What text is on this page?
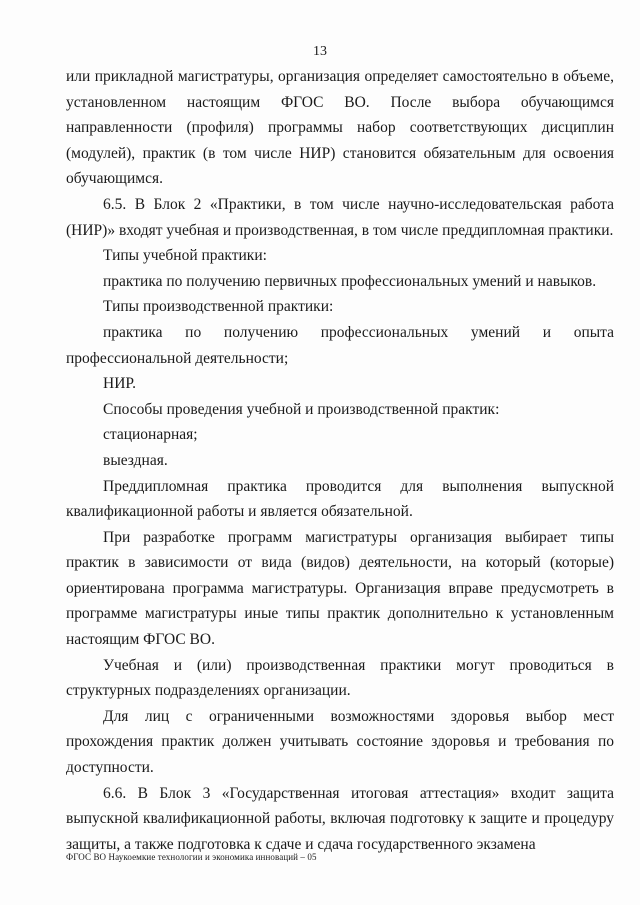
13

или прикладной магистратуры, организация определяет самостоятельно в объеме, установленном настоящим ФГОС ВО. После выбора обучающимся направленности (профиля) программы набор соответствующих дисциплин (модулей), практик (в том числе НИР) становится обязательным для освоения обучающимся.

6.5. В Блок 2 «Практики, в том числе научно-исследовательская работа (НИР)» входят учебная и производственная, в том числе преддипломная практики.

Типы учебной практики:

практика по получению первичных профессиональных умений и навыков.

Типы производственной практики:

практика по получению профессиональных умений и опыта профессиональной деятельности;

НИР.

Способы проведения учебной и производственной практик:

стационарная;

выездная.

Преддипломная практика проводится для выполнения выпускной квалификационной работы и является обязательной.

При разработке программ магистратуры организация выбирает типы практик в зависимости от вида (видов) деятельности, на который (которые) ориентирована программа магистратуры. Организация вправе предусмотреть в программе магистратуры иные типы практик дополнительно к установленным настоящим ФГОС ВО.

Учебная и (или) производственная практики могут проводиться в структурных подразделениях организации.

Для лиц с ограниченными возможностями здоровья выбор мест прохождения практик должен учитывать состояние здоровья и требования по доступности.

6.6. В Блок 3 «Государственная итоговая аттестация» входит защита выпускной квалификационной работы, включая подготовку к защите и процедуру защиты, а также подготовка к сдаче и сдача государственного экзамена

ФГОС ВО Наукоемкие технологии и экономика инноваций – 05
